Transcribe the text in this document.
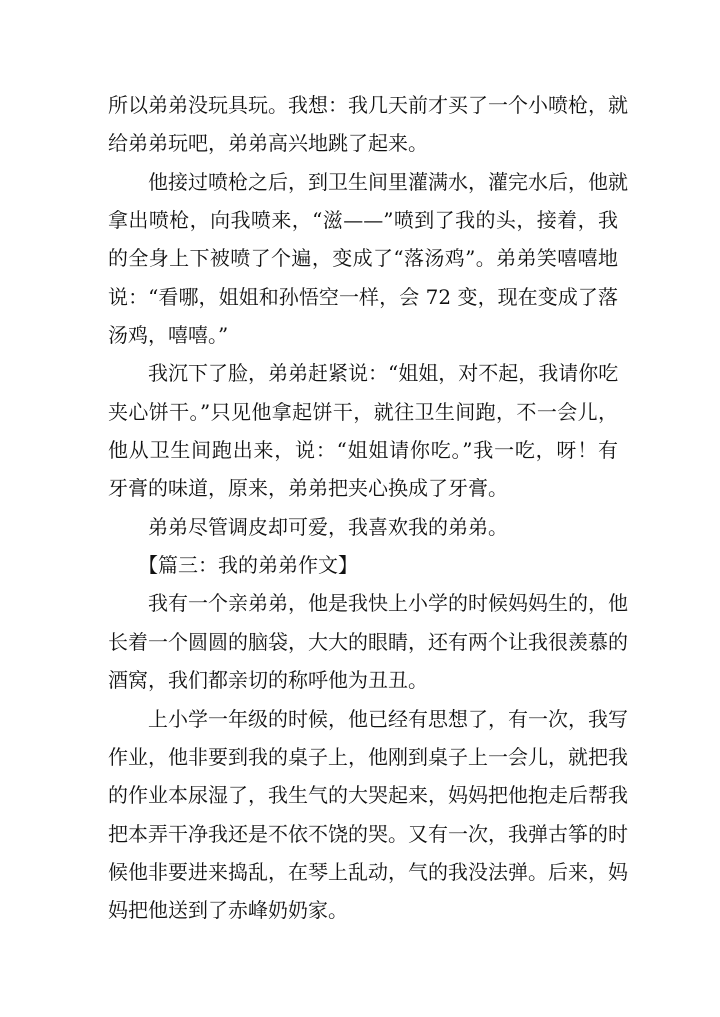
所以弟弟没玩具玩。我想：我几天前才买了一个小喷枪，就
给弟弟玩吧，弟弟高兴地跳了起来。
他接过喷枪之后，到卫生间里灌满水，灌完水后，他就
拿出喷枪，向我喷来，“滋——”喷到了我的头，接着，我
的全身上下被喷了个遍，变成了“落汤鸡”。弟弟笑嘻嘻地
说：“看哪，姐姐和孙悟空一样，会 72 变，现在变成了落
汤鸡，嘻嘻。”
我沉下了脸，弟弟赶紧说：“姐姐，对不起，我请你吃
夹心饼干。”只见他拿起饼干，就往卫生间跑，不一会儿，
他从卫生间跑出来，说：“姐姐请你吃。”我一吃，呀！有
牙膏的味道，原来，弟弟把夹心换成了牙膏。
弟弟尽管调皮却可爱，我喜欢我的弟弟。
【篇三：我的弟弟作文】
我有一个亲弟弟，他是我快上小学的时候妈妈生的，他
长着一个圆圆的脑袋，大大的眼睛，还有两个让我很羡慕的
酒窝，我们都亲切的称呼他为丑丑。
上小学一年级的时候，他已经有思想了，有一次，我写
作业，他非要到我的桌子上，他刚到桌子上一会儿，就把我
的作业本尿湿了，我生气的大哭起来，妈妈把他抱走后帮我
把本弄干净我还是不依不饶的哭。又有一次，我弹古筝的时
候他非要进来捣乱，在琴上乱动，气的我没法弹。后来，妈
妈把他送到了赤峰奶奶家。
